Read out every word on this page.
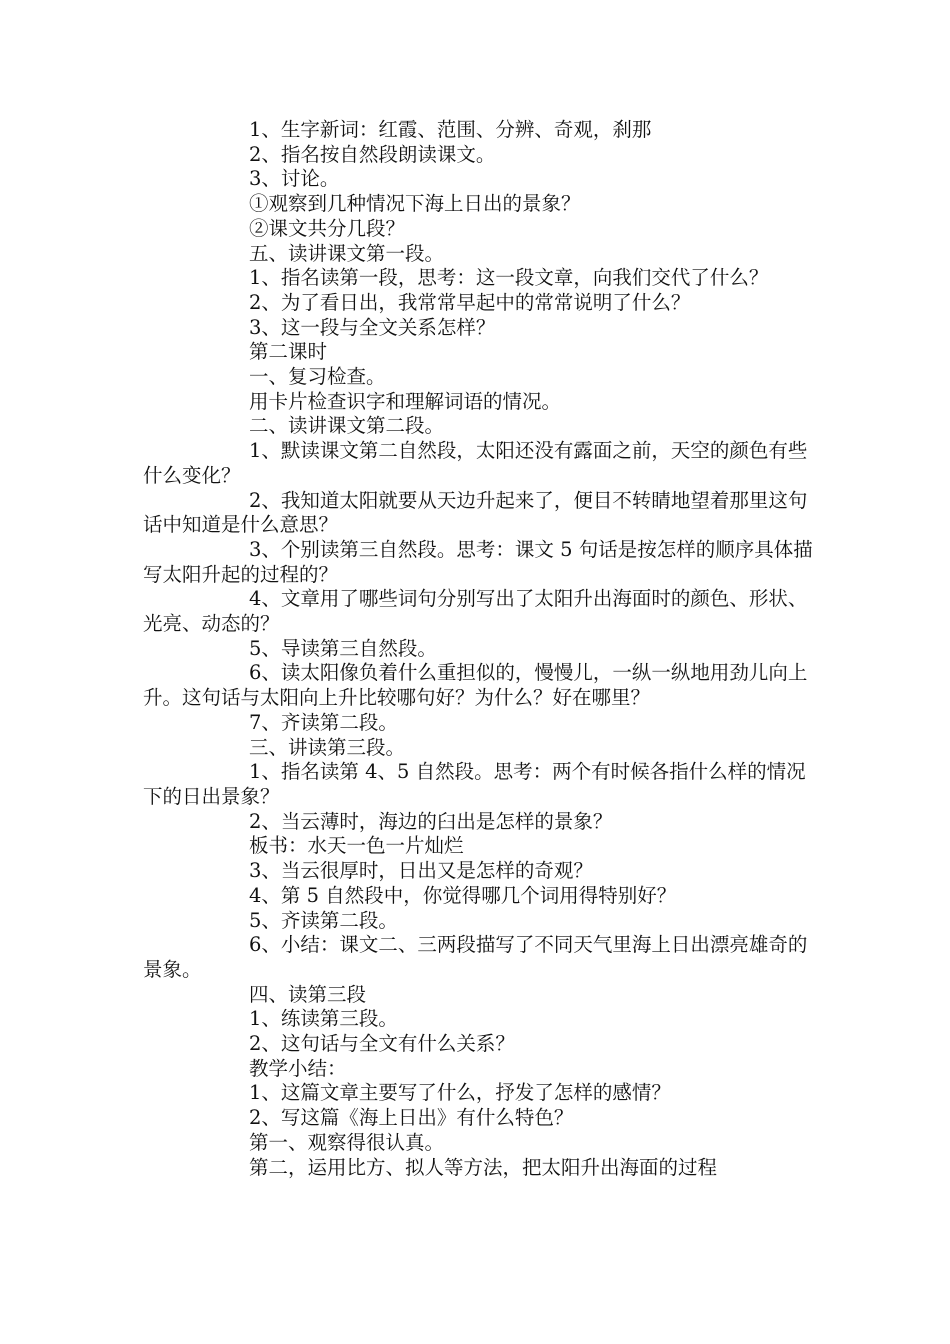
1、生字新词：红霞、范围、分辨、奇观，刹那

2、指名按自然段朗读课文。

3、讨论。

①观察到几种情况下海上日出的景象？

②课文共分几段？

五、读讲课文第一段。

1、指名读第一段，思考：这一段文章，向我们交代了什么？

2、为了看日出，我常常早起中的常常说明了什么？

3、这一段与全文关系怎样？

第二课时

一、复习检查。

用卡片检查识字和理解词语的情况。

二、读讲课文第二段。

1、默读课文第二自然段，太阳还没有露面之前，天空的颜色有些什么变化？

2、我知道太阳就要从天边升起来了，便目不转睛地望着那里这句话中知道是什么意思？

3、个别读第三自然段。思考：课文 5 句话是按怎样的顺序具体描写太阳升起的过程的？

4、文章用了哪些词句分别写出了太阳升出海面时的颜色、形状、光亮、动态的？

5、导读第三自然段。

6、读太阳像负着什么重担似的，慢慢儿，一纵一纵地用劲儿向上升。这句话与太阳向上升比较哪句好？为什么？好在哪里？

7、齐读第二段。

三、讲读第三段。

1、指名读第 4、5 自然段。思考：两个有时候各指什么样的情况下的日出景象？

2、当云薄时，海边的臼出是怎样的景象？

板书：水天一色一片灿烂

3、当云很厚时，日出又是怎样的奇观？

4、第 5 自然段中，你觉得哪几个词用得特别好？

5、齐读第二段。

6、小结：课文二、三两段描写了不同天气里海上日出漂亮雄奇的景象。

四、读第三段

1、练读第三段。

2、这句话与全文有什么关系？

教学小结：

1、这篇文章主要写了什么，抒发了怎样的感情？

2、写这篇《海上日出》有什么特色？

第一、观察得很认真。

第二，运用比方、拟人等方法，把太阳升出海面的过程
